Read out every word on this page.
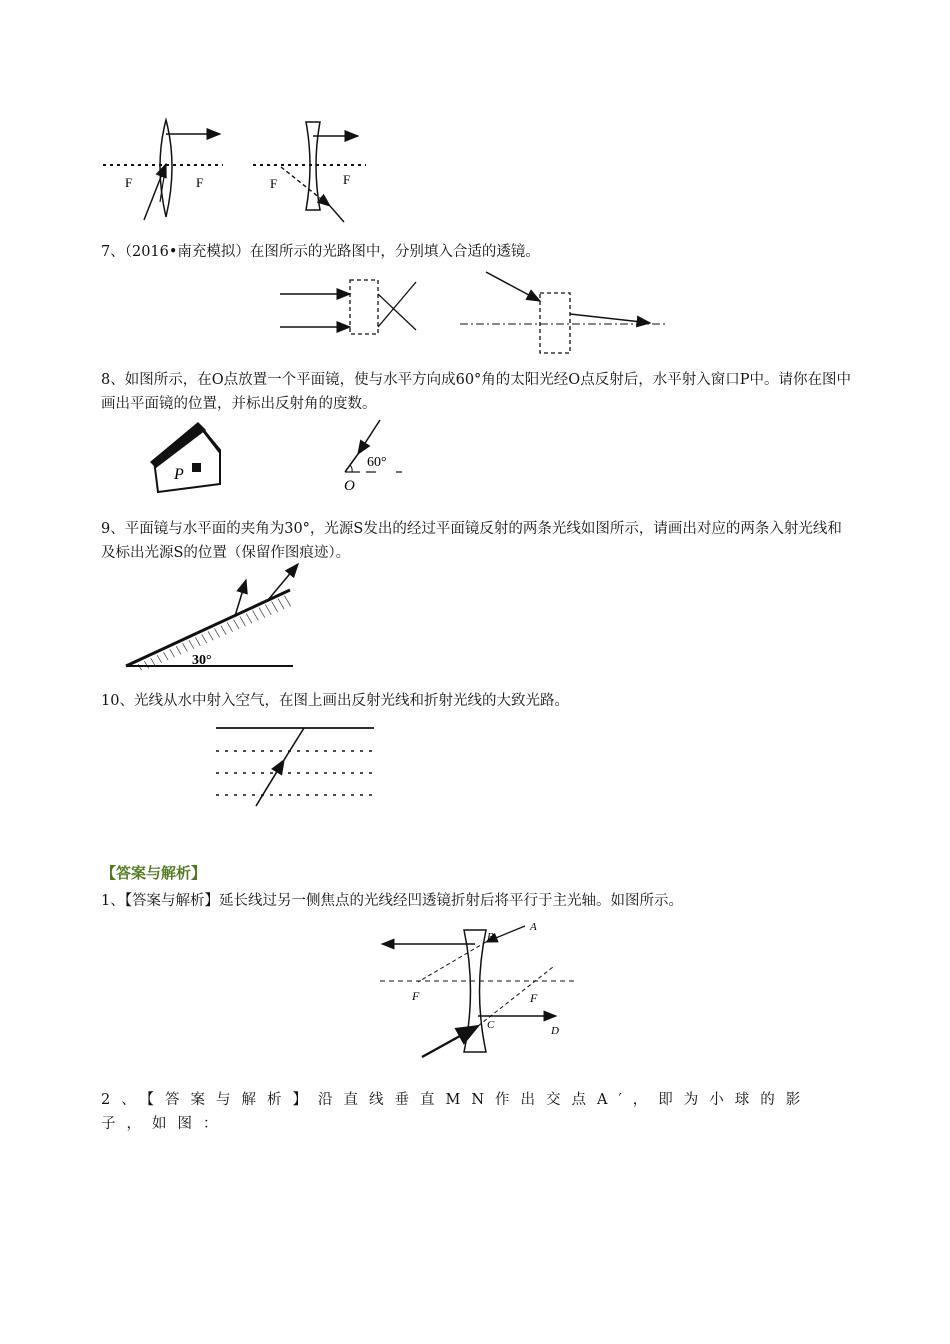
F	F	F	F
7、（2016•南充模拟）在图所示的光路图中，分别填入合适的透镜。
8、如图所示，在O点放置一个平面镜，使与水平方向成60°角的太阳光经O点反射后，水平射入窗口P中。请你在图中画出平面镜的位置，并标出反射角的度数。
P
60°
O
9、平面镜与水平面的夹角为30°，光源S发出的经过平面镜反射的两条光线如图所示，请画出对应的两条入射光线和及标出光源S的位置（保留作图痕迹）。
30°
10、光线从水中射入空气，在图上画出反射光线和折射光线的大致光路。
【答案与解析】
1、【答案与解析】延长线过另一侧焦点的光线经凹透镜折射后将平行于主光轴。如图所示。
A
B
C	D
F	F
2、【答案与解析】沿直线垂直MN作出交点A′，即为小球的影子，如图：
